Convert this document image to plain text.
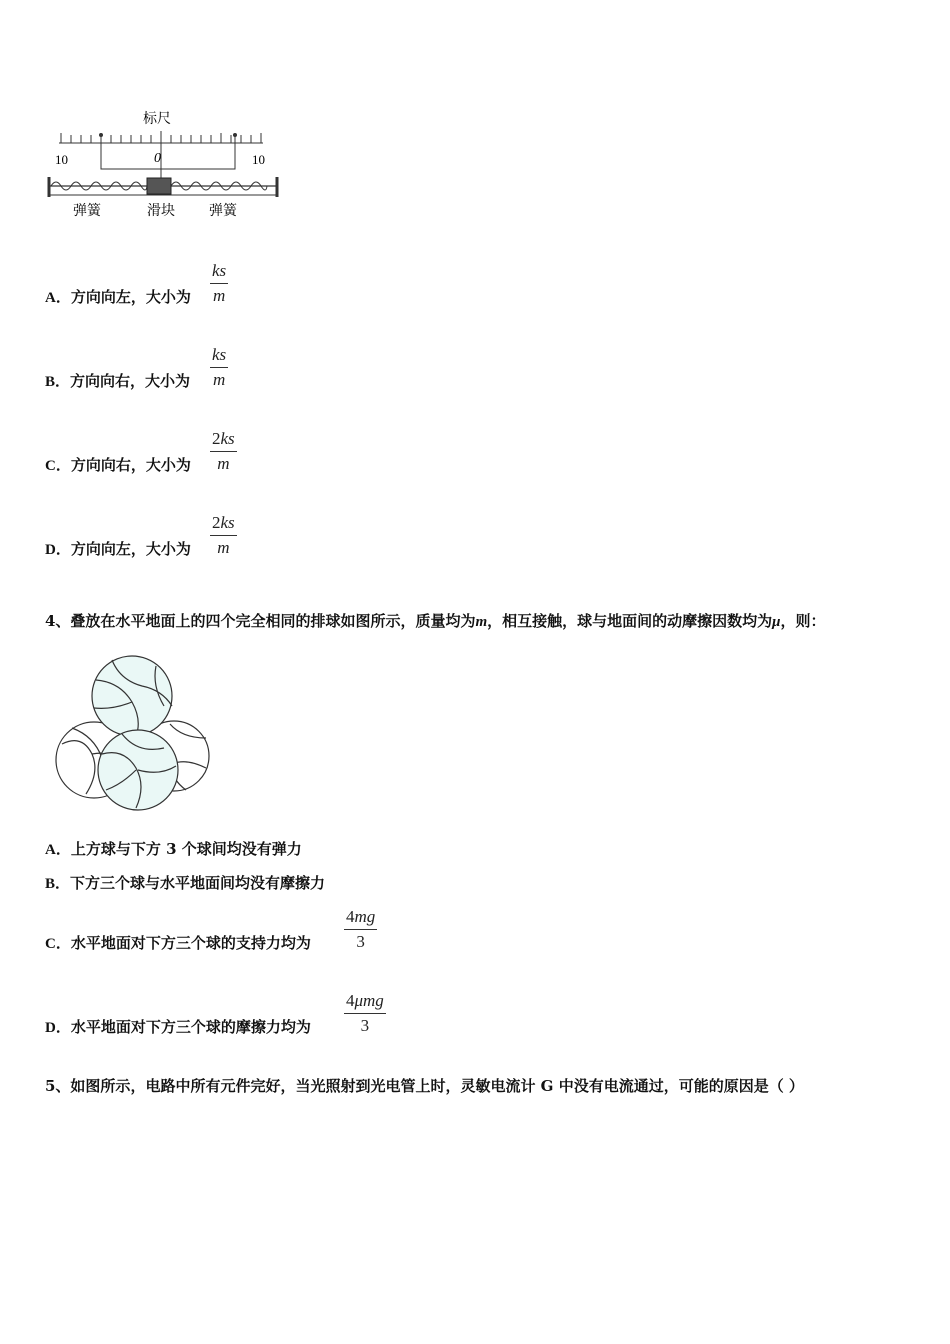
标尺
10	0	10
弹簧	滑块 弹簧
A．方向向左，大小为 $\frac{ks}{m}$
B．方向向右，大小为 $\frac{ks}{m}$
C．方向向右，大小为 $\frac{2ks}{m}$
D．方向向左，大小为 $\frac{2ks}{m}$
4、叠放在水平地面上的四个完全相同的排球如图所示，质量均为m，相互接触，球与地面间的动摩擦因数均为μ，则：
A．上方球与下方 3 个球间均没有弹力
B．下方三个球与水平地面间均没有摩擦力
C．水平地面对下方三个球的支持力均为 $\frac{4mg}{3}$
D．水平地面对下方三个球的摩擦力均为
4μmg
3
5、如图所示，电路中所有元件完好，当光照射到光电管上时，灵敏电流计 G 中没有电流通过，可能的原因是（ ）
